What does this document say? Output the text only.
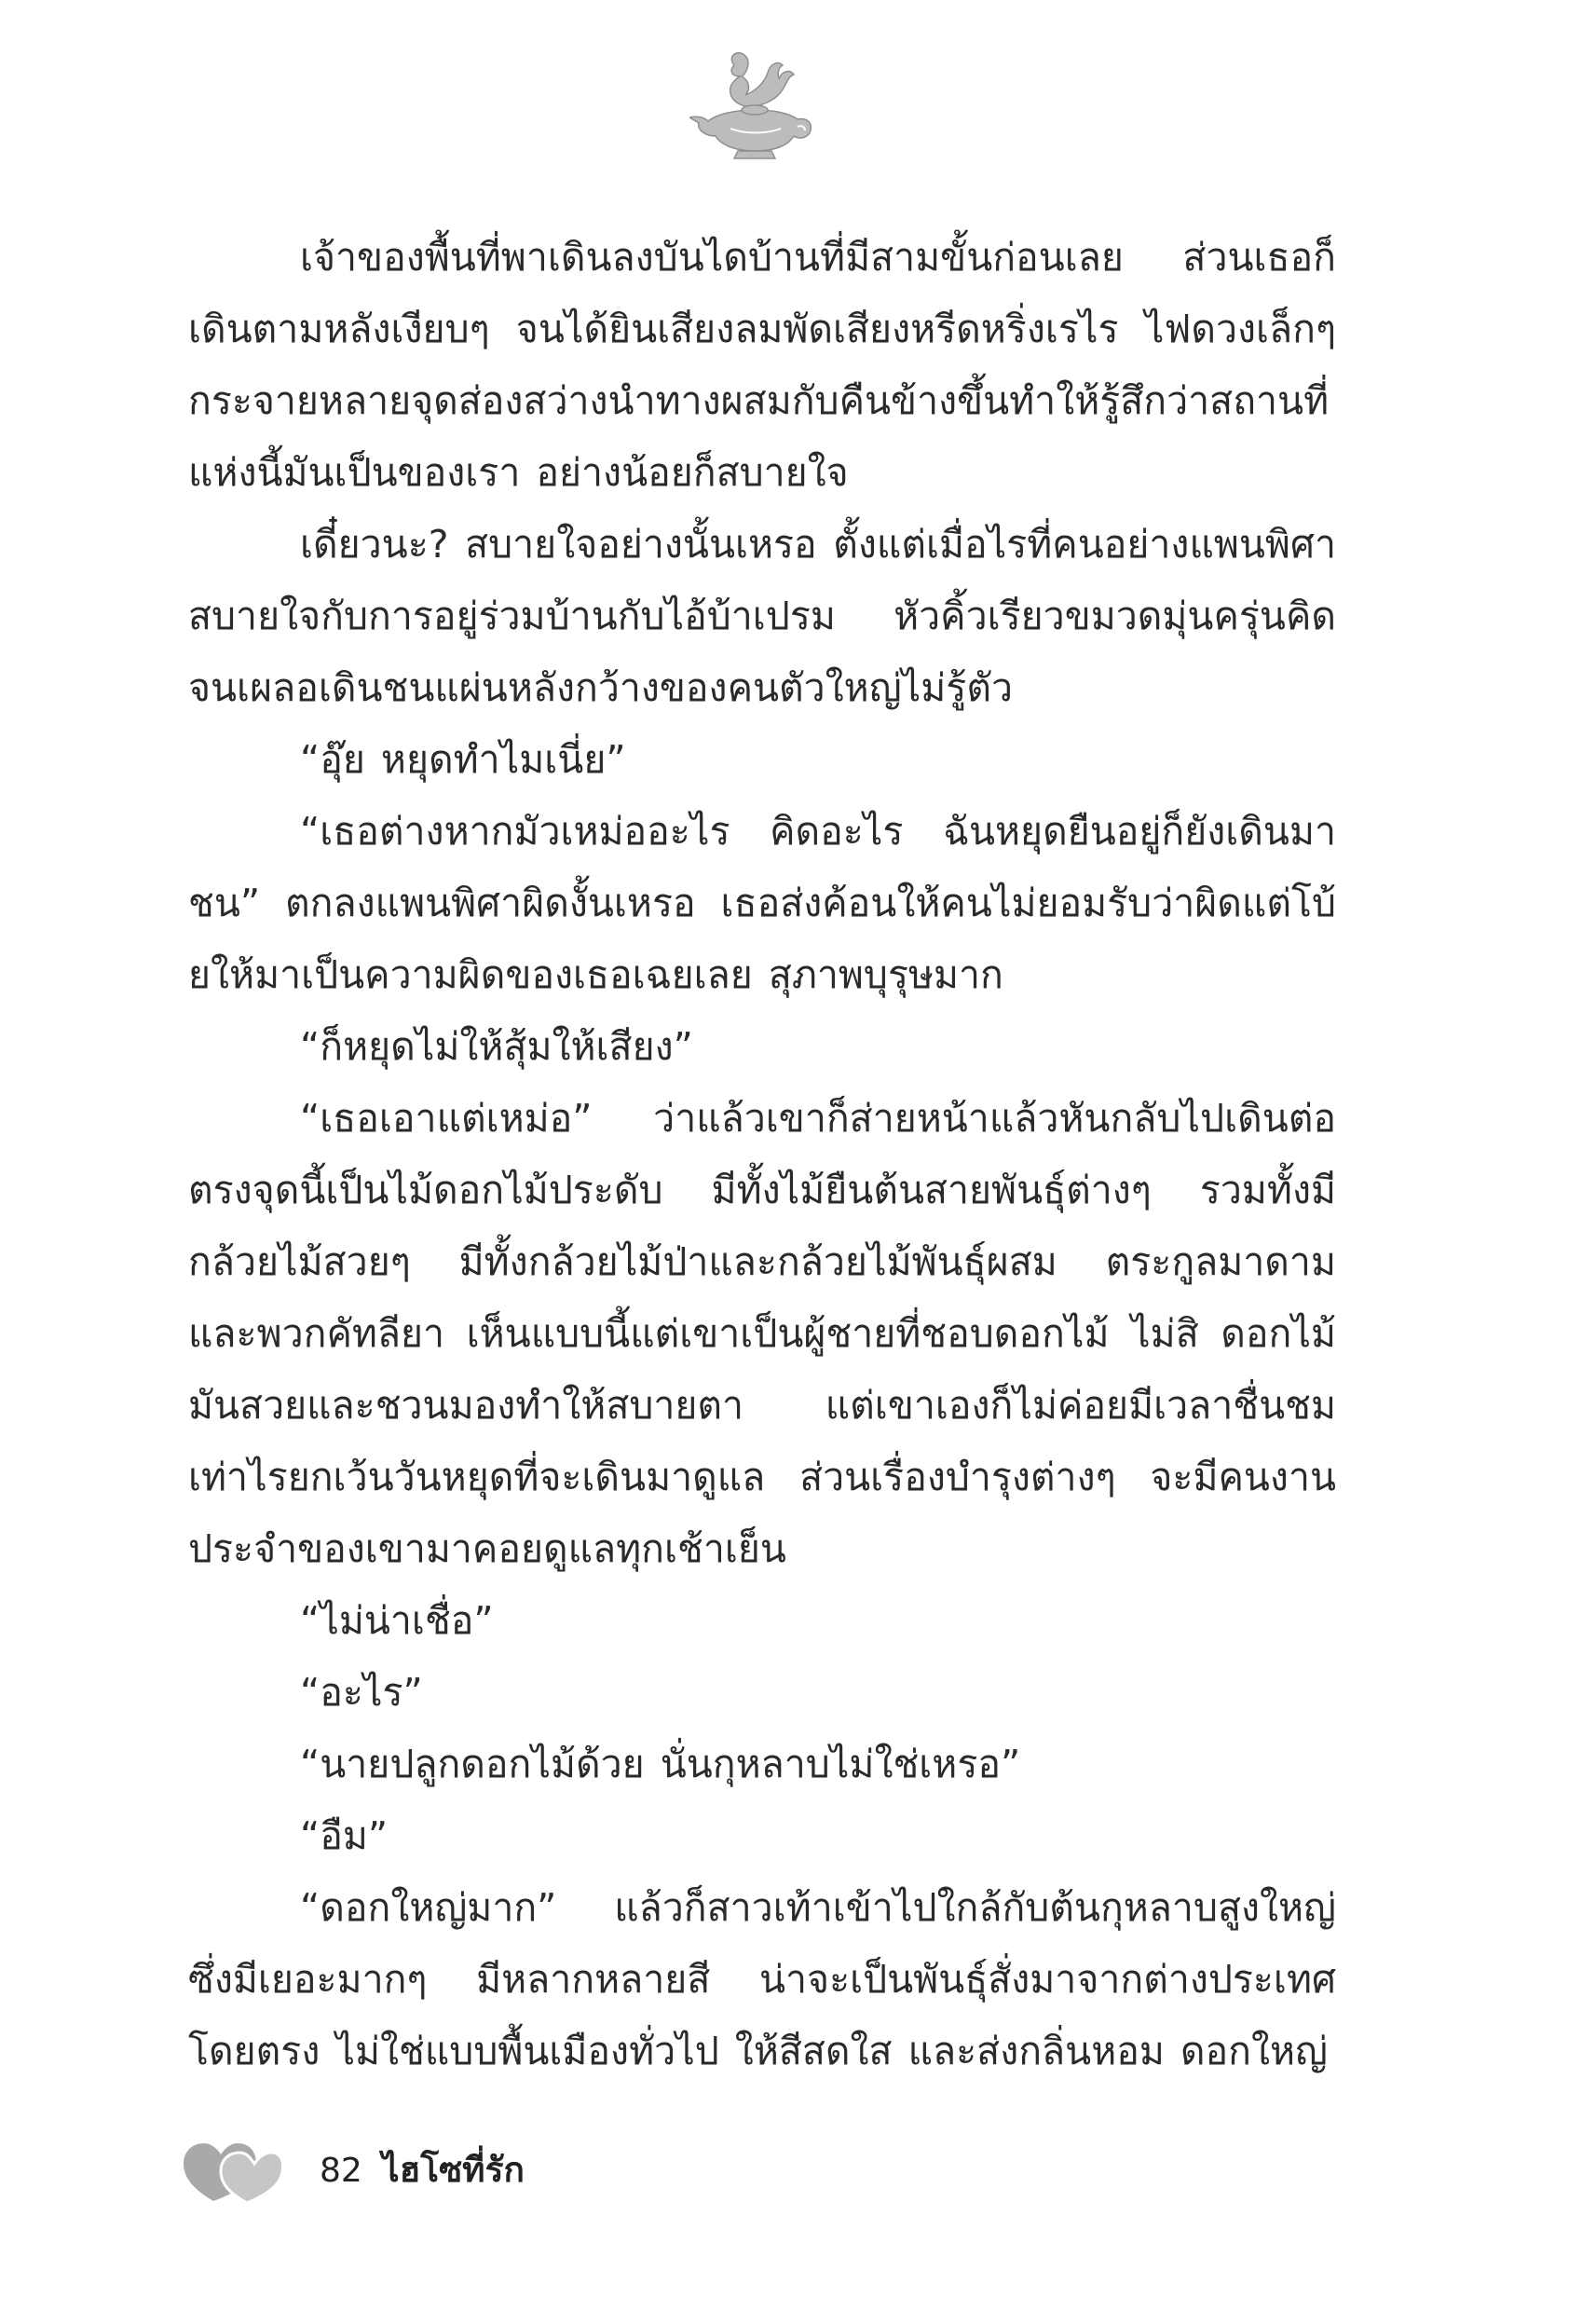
เจ้าของพื้นที่พาเดินลงบันไดบ้านที่มีสามขั้นก่อนเลย ส่วนเธอก็เดินตามหลังเงียบๆ จนได้ยินเสียงลมพัดเสียงหรีดหริ่งเรไร ไฟดวงเล็กๆ กระจายหลายจุดส่องสว่างนำทางผสมกับคืนข้างขึ้นทำให้รู้สึกว่าสถานที่แห่งนี้มันเป็นของเรา อย่างน้อยก็สบายใจ

เดี๋ยวนะ? สบายใจอย่างนั้นเหรอ ตั้งแต่เมื่อไรที่คนอย่างแพนพิศาสบายใจกับการอยู่ร่วมบ้านกับไอ้บ้าเปรม หัวคิ้วเรียวขมวดมุ่นครุ่นคิดจนเผลอเดินชนแผ่นหลังกว้างของคนตัวใหญ่ไม่รู้ตัว

“อุ๊ย หยุดทำไมเนี่ย”

“เธอต่างหากมัวเหม่ออะไร คิดอะไร ฉันหยุดยืนอยู่ก็ยังเดินมาชน” ตกลงแพนพิศาผิดงั้นเหรอ เธอส่งค้อนให้คนไม่ยอมรับว่าผิดแต่โบ้ยให้มาเป็นความผิดของเธอเฉยเลย สุภาพบุรุษมาก

“ก็หยุดไม่ให้สุ้มให้เสียง”

“เธอเอาแต่เหม่อ” ว่าแล้วเขาก็ส่ายหน้าแล้วหันกลับไปเดินต่อตรงจุดนี้เป็นไม้ดอกไม้ประดับ มีทั้งไม้ยืนต้นสายพันธุ์ต่างๆ รวมทั้งมีกล้วยไม้สวยๆ มีทั้งกล้วยไม้ป่าและกล้วยไม้พันธุ์ผสม ตระกูลมาดามและพวกคัทลียา เห็นแบบนี้แต่เขาเป็นผู้ชายที่ชอบดอกไม้ ไม่สิ ดอกไม้มันสวยและชวนมองทำให้สบายตา แต่เขาเองก็ไม่ค่อยมีเวลาชื่นชมเท่าไรยกเว้นวันหยุดที่จะเดินมาดูแล ส่วนเรื่องบำรุงต่างๆ จะมีคนงานประจำของเขามาคอยดูแลทุกเช้าเย็น

“ไม่น่าเชื่อ”

“อะไร”

“นายปลูกดอกไม้ด้วย นั่นกุหลาบไม่ใช่เหรอ”

“อืม”

“ดอกใหญ่มาก” แล้วก็สาวเท้าเข้าไปใกล้กับต้นกุหลาบสูงใหญ่ซึ่งมีเยอะมากๆ มีหลากหลายสี น่าจะเป็นพันธุ์สั่งมาจากต่างประเทศโดยตรง ไม่ใช่แบบพื้นเมืองทั่วไป ให้สีสดใส และส่งกลิ่นหอม ดอกใหญ่

82 ไฮโซที่รัก
